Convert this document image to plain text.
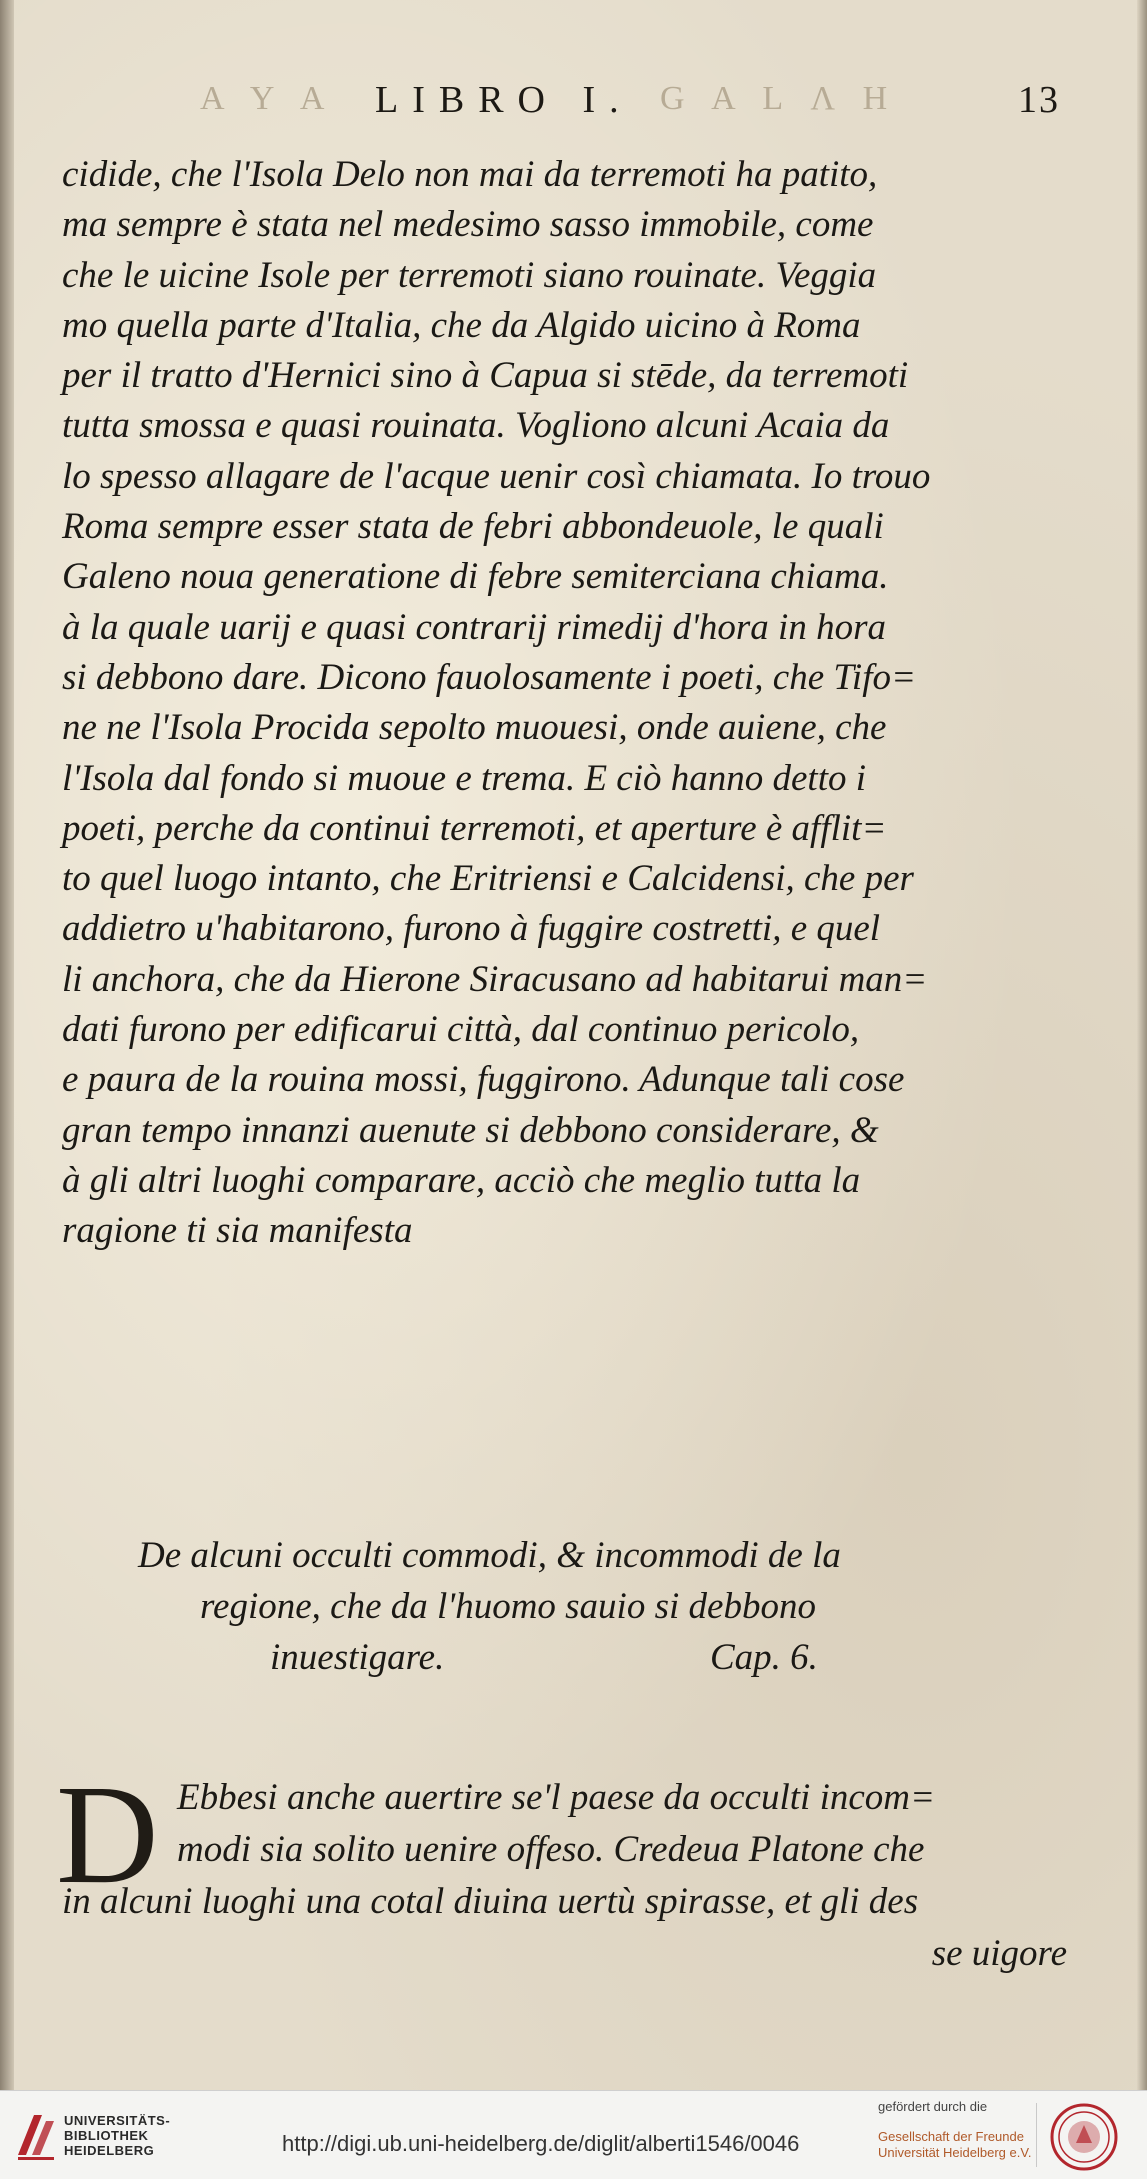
A Y A LIBRO I. G A L Λ H	13
cidide, che l'Isola Delo non mai da terremoti ha patito,
ma sempre è stata nel medesimo sasso immobile, come
che le uicine Isole per terremoti siano rouinate. Veggia
mo quella parte d'Italia, che da Algido uicino à Roma
per il tratto d'Hernici sino à Capua si stēde, da terremoti
tutta smossa e quasi rouinata. Vogliono alcuni Acaia da
lo spesso allagare de l'acque uenir così chiamata. Io trouo
Roma sempre esser stata de febri abbondeuole, le quali
Galeno noua generatione di febre semiterciana chiama.
à la quale uarij e quasi contrarij rimedij d'hora in hora
si debbono dare. Dicono fauolosamente i poeti, che Tifo=
ne ne l'Isola Procida sepolto muouesi, onde auiene, che
l'Isola dal fondo si muoue e trema. E ciò hanno detto i
poeti, perche da continui terremoti, et aperture è afflit=
to quel luogo intanto, che Eritriensi e Calcidensi, che per
addietro u'habitarono, furono à fuggire costretti, e quel
li anchora, che da Hierone Siracusano ad habitarui man=
dati furono per edificarui città, dal continuo pericolo,
e paura de la rouina mossi, fuggirono. Adunque tali cose
gran tempo innanzi auenute si debbono considerare, &
à gli altri luoghi comparare, acciò che meglio tutta la
ragione ti sia manifesta
De alcuni occulti commodi, & incommodi de la
regione, che da l'huomo sauio si debbono
inuestigare.	Cap. 6.
D Ebbesi anche auertire se'l paese da occulti incom=
modi sia solito uenire offeso. Credeua Platone che
in alcuni luoghi una cotal diuina uertù spirasse, et gli des
se uigore
UNIVERSITÄTS-
BIBLIOTHEK
HEIDELBERG	http://digi.ub.uni-heidelberg.de/diglit/alberti1546/0046
gefördert durch die
Gesellschaft der Freunde
Universität Heidelberg e.V.
